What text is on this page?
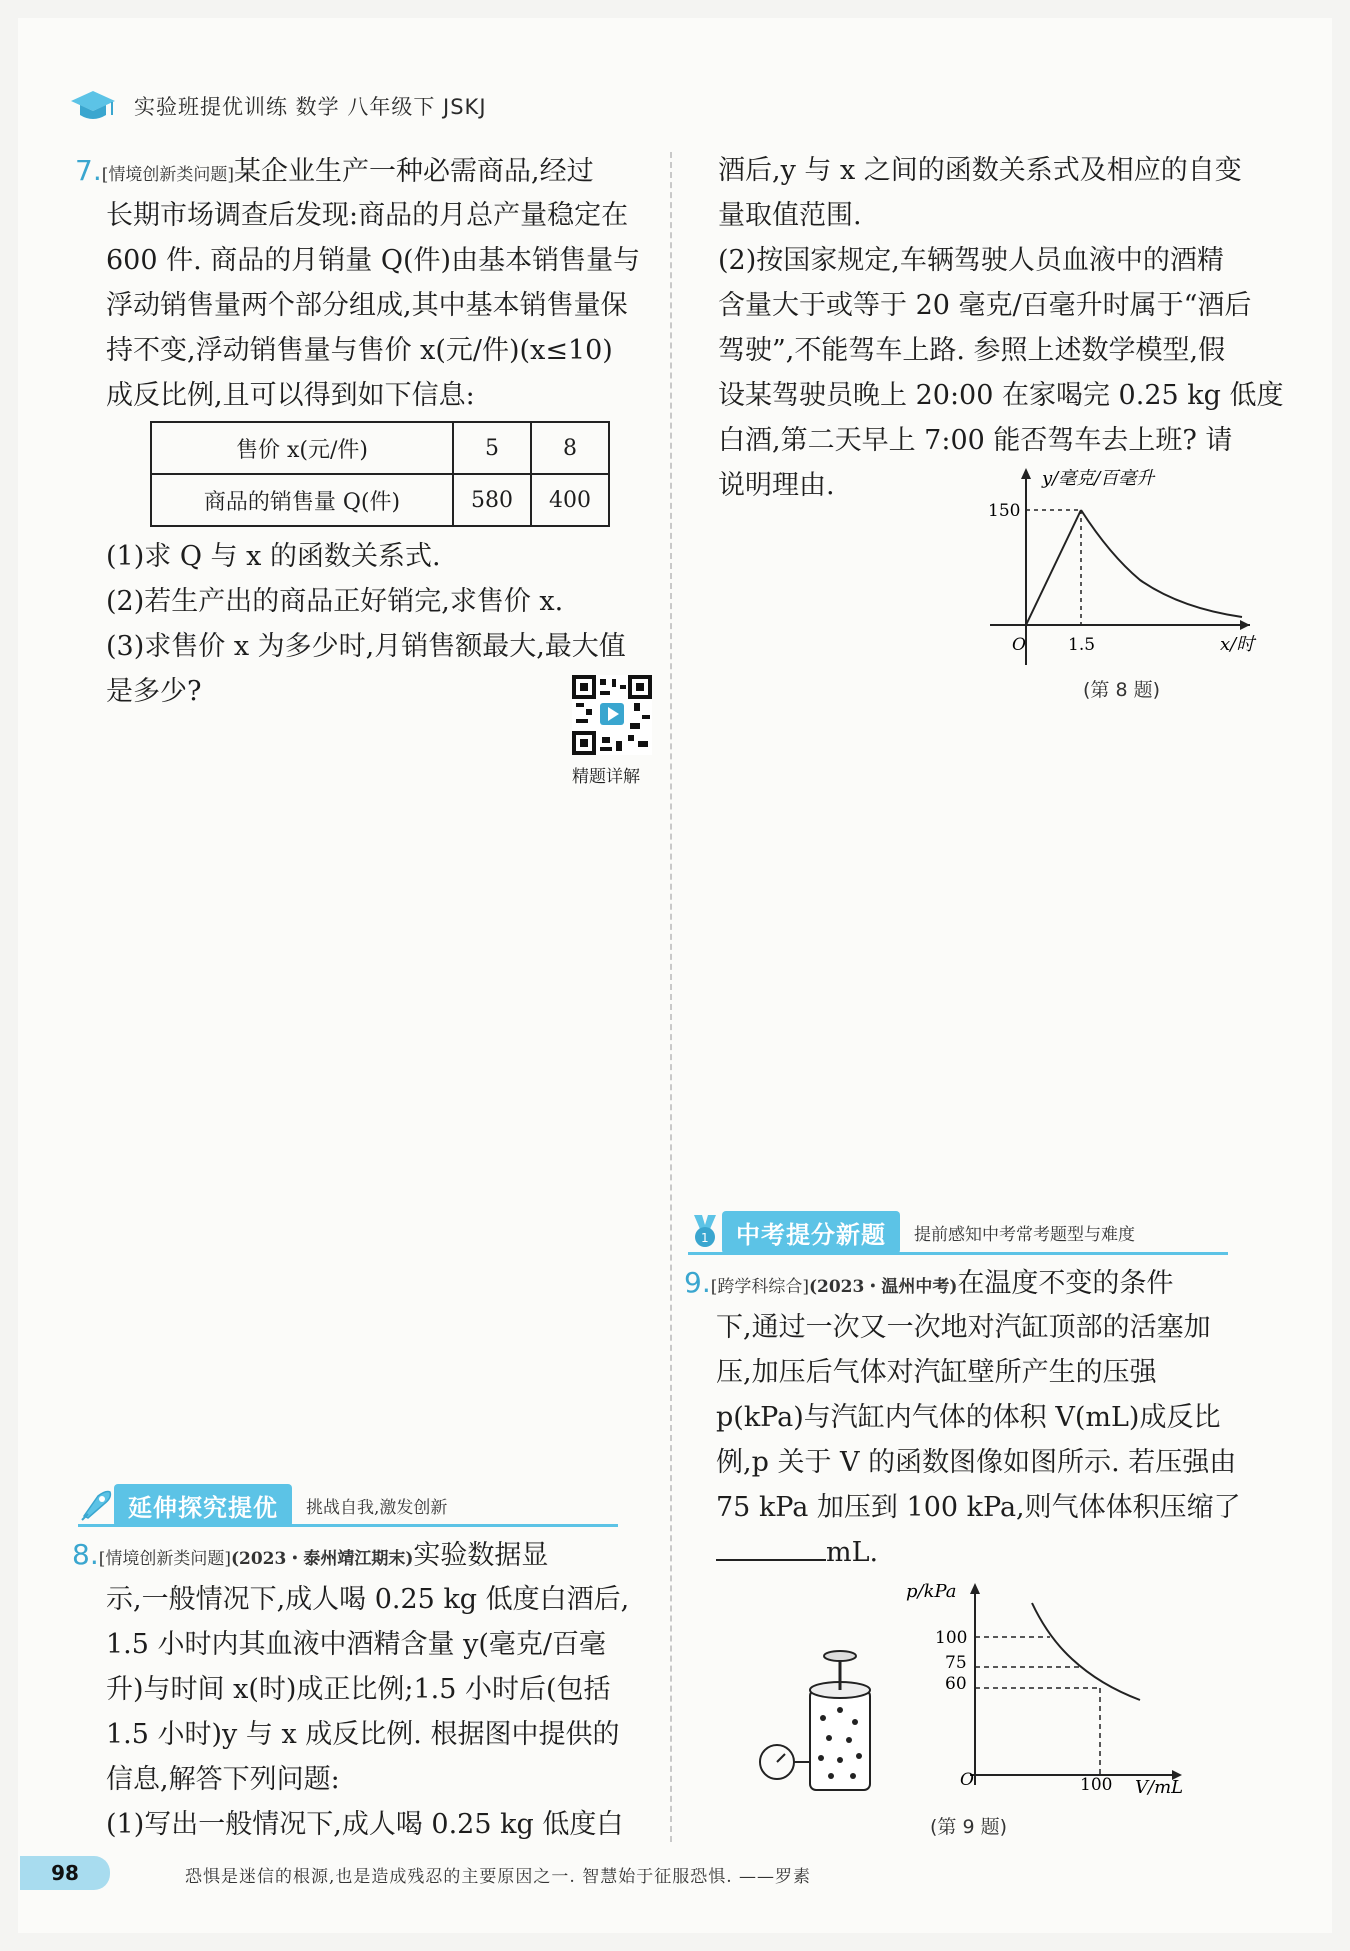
实验班提优训练 数学 八年级下 JSKJ
7.[情境创新类问题]某企业生产一种必需商品,经过
长期市场调查后发现:商品的月总产量稳定在
600 件. 商品的月销量 Q(件)由基本销售量与
浮动销售量两个部分组成,其中基本销售量保
持不变,浮动销售量与售价 x(元/件)(x≤10)
成反比例,且可以得到如下信息:
售价 x(元/件)	5	8
商品的销售量 Q(件)	580	400
(1)求 Q 与 x 的函数关系式.
(2)若生产出的商品正好销完,求售价 x.
(3)求售价 x 为多少时,月销售额最大,最大值
是多少?
精题详解
酒后,y 与 x 之间的函数关系式及相应的自变
量取值范围.
(2)按国家规定,车辆驾驶人员血液中的酒精
含量大于或等于 20 毫克/百毫升时属于“酒后
驾驶”,不能驾车上路. 参照上述数学模型,假
设某驾驶员晚上 20:00 在家喝完 0.25 kg 低度
白酒,第二天早上 7:00 能否驾车去上班? 请
说明理由.	y/毫克/百毫升
150
O 1.5	x/时
(第 8 题)
1	中考提分新题	提前感知中考常考题型与难度
9.[跨学科综合](2023・温州中考)在温度不变的条件
下,通过一次又一次地对汽缸顶部的活塞加
压,加压后气体对汽缸壁所产生的压强
p(kPa)与汽缸内气体的体积 V(mL)成反比
例,p 关于 V 的函数图像如图所示. 若压强由
75 kPa 加压到 100 kPa,则气体体积压缩了
mL.
p/kPa
100
75
60
O	100 V/mL
(第 9 题)
延伸探究提优	挑战自我,激发创新
8.[情境创新类问题](2023・泰州靖江期末)实验数据显
示,一般情况下,成人喝 0.25 kg 低度白酒后,
1.5 小时内其血液中酒精含量 y(毫克/百毫
升)与时间 x(时)成正比例;1.5 小时后(包括
1.5 小时)y 与 x 成反比例. 根据图中提供的
信息,解答下列问题:
(1)写出一般情况下,成人喝 0.25 kg 低度白
98	恐惧是迷信的根源,也是造成残忍的主要原因之一. 智慧始于征服恐惧. ——罗素
